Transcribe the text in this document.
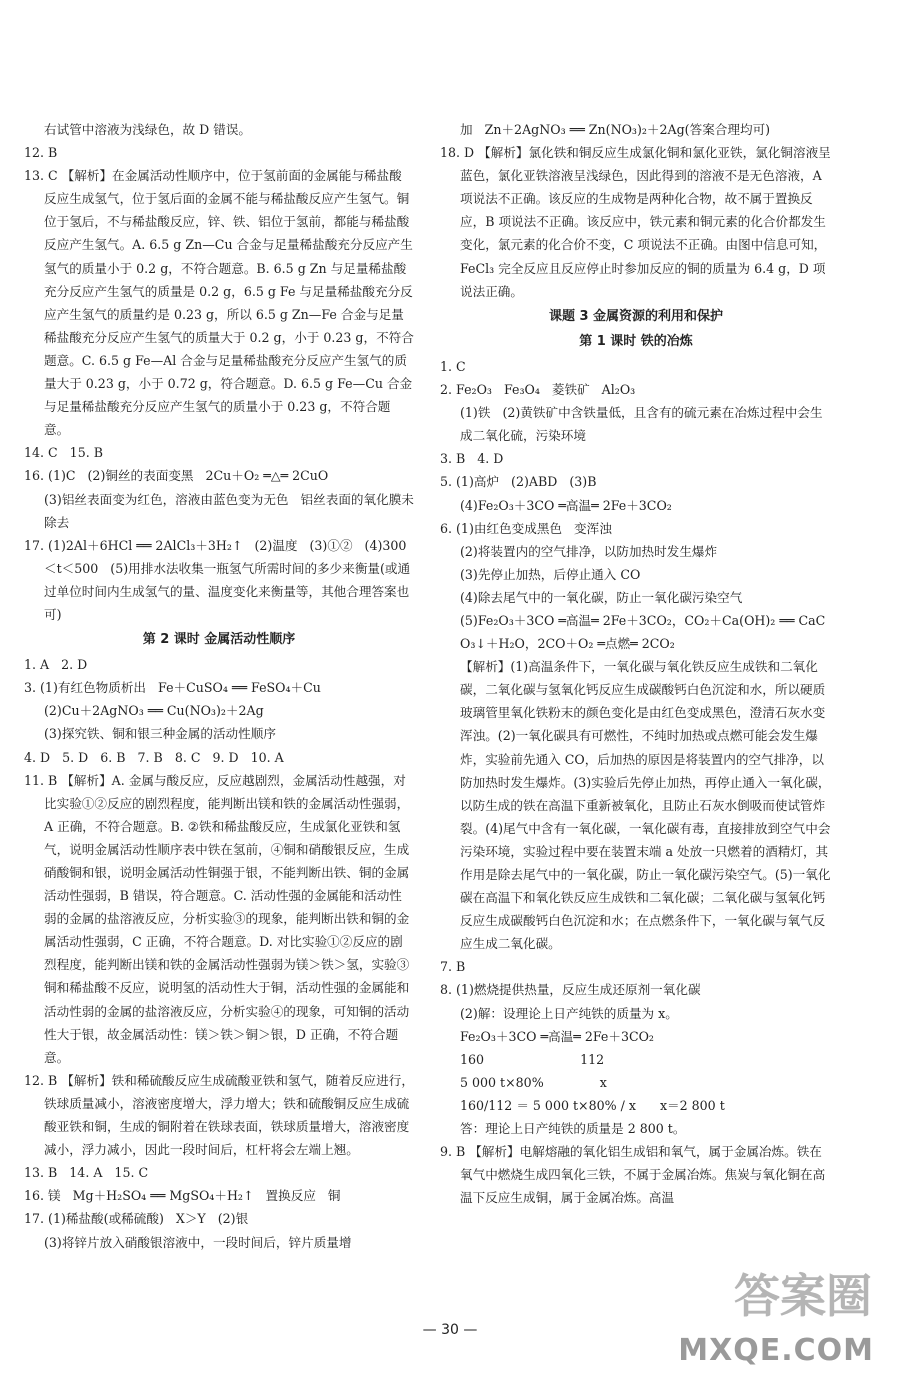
右试管中溶液为浅绿色，故 D 错误。

12. B

13. C 【解析】在金属活动性顺序中，位于氢前面的金属能与稀盐酸反应生成氢气，位于氢后面的金属不能与稀盐酸反应产生氢气。铜位于氢后，不与稀盐酸反应，锌、铁、铝位于氢前，都能与稀盐酸反应产生氢气。A. 6.5 g Zn—Cu 合金与足量稀盐酸充分反应产生氢气的质量小于 0.2 g，不符合题意。B. 6.5 g Zn 与足量稀盐酸充分反应产生氢气的质量是 0.2 g，6.5 g Fe 与足量稀盐酸充分反应产生氢气的质量约是 0.23 g，所以 6.5 g Zn—Fe 合金与足量稀盐酸充分反应产生氢气的质量大于 0.2 g，小于 0.23 g，不符合题意。C. 6.5 g Fe—Al 合金与足量稀盐酸充分反应产生氢气的质量大于 0.23 g，小于 0.72 g，符合题意。D. 6.5 g Fe—Cu 合金与足量稀盐酸充分反应产生氢气的质量小于 0.23 g，不符合题意。

14. C   15. B

16. (1)C   (2)铜丝的表面变黑   2Cu＋O₂ ═△═ 2CuO

(3)铝丝表面变为红色，溶液由蓝色变为无色   铝丝表面的氧化膜未除去

17. (1)2Al＋6HCl ══ 2AlCl₃＋3H₂↑   (2)温度   (3)①②   (4)300＜t＜500   (5)用排水法收集一瓶氢气所需时间的多少来衡量(或通过单位时间内生成氢气的量、温度变化来衡量等，其他合理答案也可)

第 2 课时 金属活动性顺序

1. A   2. D

3. (1)有红色物质析出   Fe＋CuSO₄ ══ FeSO₄＋Cu

(2)Cu＋2AgNO₃ ══ Cu(NO₃)₂＋2Ag

(3)探究铁、铜和银三种金属的活动性顺序

4. D   5. D   6. B   7. B   8. C   9. D   10. A

11. B 【解析】A. 金属与酸反应，反应越剧烈，金属活动性越强，对比实验①②反应的剧烈程度，能判断出镁和铁的金属活动性强弱，A 正确，不符合题意。B. ②铁和稀盐酸反应，生成氯化亚铁和氢气，说明金属活动性顺序表中铁在氢前，④铜和硝酸银反应，生成硝酸铜和银，说明金属活动性铜强于银，不能判断出铁、铜的金属活动性强弱，B 错误，符合题意。C. 活动性强的金属能和活动性弱的金属的盐溶液反应，分析实验③的现象，能判断出铁和铜的金属活动性强弱，C 正确，不符合题意。D. 对比实验①②反应的剧烈程度，能判断出镁和铁的金属活动性强弱为镁＞铁＞氢，实验③铜和稀盐酸不反应，说明氢的活动性大于铜，活动性强的金属能和活动性弱的金属的盐溶液反应，分析实验④的现象，可知铜的活动性大于银，故金属活动性：镁＞铁＞铜＞银，D 正确，不符合题意。

12. B 【解析】铁和稀硫酸反应生成硫酸亚铁和氢气，随着反应进行，铁球质量减小，溶液密度增大，浮力增大；铁和硫酸铜反应生成硫酸亚铁和铜，生成的铜附着在铁球表面，铁球质量增大，溶液密度减小，浮力减小，因此一段时间后，杠杆将会左端上翘。

13. B   14. A   15. C

16. 镁   Mg＋H₂SO₄ ══ MgSO₄＋H₂↑   置换反应   铜

17. (1)稀盐酸(或稀硫酸)   X＞Y   (2)银

(3)将锌片放入硝酸银溶液中，一段时间后，锌片质量增

加   Zn＋2AgNO₃ ══ Zn(NO₃)₂＋2Ag(答案合理均可)

18. D 【解析】氯化铁和铜反应生成氯化铜和氯化亚铁，氯化铜溶液呈蓝色，氯化亚铁溶液呈浅绿色，因此得到的溶液不是无色溶液，A 项说法不正确。该反应的生成物是两种化合物，故不属于置换反应，B 项说法不正确。该反应中，铁元素和铜元素的化合价都发生变化，氯元素的化合价不变，C 项说法不正确。由图中信息可知，FeCl₃ 完全反应且反应停止时参加反应的铜的质量为 6.4 g，D 项说法正确。

课题 3 金属资源的利用和保护

第 1 课时 铁的冶炼

1. C

2. Fe₂O₃   Fe₃O₄   菱铁矿   Al₂O₃

(1)铁   (2)黄铁矿中含铁量低，且含有的硫元素在冶炼过程中会生成二氧化硫，污染环境

3. B   4. D

5. (1)高炉   (2)ABD   (3)B

(4)Fe₂O₃＋3CO ═高温═ 2Fe＋3CO₂

6. (1)由红色变成黑色   变浑浊

(2)将装置内的空气排净，以防加热时发生爆炸

(3)先停止加热，后停止通入 CO

(4)除去尾气中的一氧化碳，防止一氧化碳污染空气

(5)Fe₂O₃＋3CO ═高温═ 2Fe＋3CO₂，CO₂＋Ca(OH)₂ ══ CaCO₃↓＋H₂O，2CO＋O₂ ═点燃═ 2CO₂

【解析】(1)高温条件下，一氧化碳与氧化铁反应生成铁和二氧化碳，二氧化碳与氢氧化钙反应生成碳酸钙白色沉淀和水，所以硬质玻璃管里氧化铁粉末的颜色变化是由红色变成黑色，澄清石灰水变浑浊。(2)一氧化碳具有可燃性，不纯时加热或点燃可能会发生爆炸，实验前先通入 CO，后加热的原因是将装置内的空气排净，以防加热时发生爆炸。(3)实验后先停止加热，再停止通入一氧化碳，以防生成的铁在高温下重新被氧化，且防止石灰水倒吸而使试管炸裂。(4)尾气中含有一氧化碳，一氧化碳有毒，直接排放到空气中会污染环境，实验过程中要在装置末端 a 处放一只燃着的酒精灯，其作用是除去尾气中的一氧化碳，防止一氧化碳污染空气。(5)一氧化碳在高温下和氧化铁反应生成铁和二氧化碳；二氧化碳与氢氧化钙反应生成碳酸钙白色沉淀和水；在点燃条件下，一氧化碳与氧气反应生成二氧化碳。

7. B

8. (1)燃烧提供热量，反应生成还原剂一氧化碳

(2)解：设理论上日产纯铁的质量为 x。

Fe₂O₃＋3CO ═高温═ 2Fe＋3CO₂

160                        112

5 000 t×80%              x

160/112 ＝ 5 000 t×80% / x      x＝2 800 t

答：理论上日产纯铁的质量是 2 800 t。

9. B 【解析】电解熔融的氧化铝生成铝和氧气，属于金属冶炼。铁在氧气中燃烧生成四氧化三铁，不属于金属冶炼。焦炭与氧化铜在高温下反应生成铜，属于金属冶炼。高温

— 30 —
答案圈
MXQE.COM
